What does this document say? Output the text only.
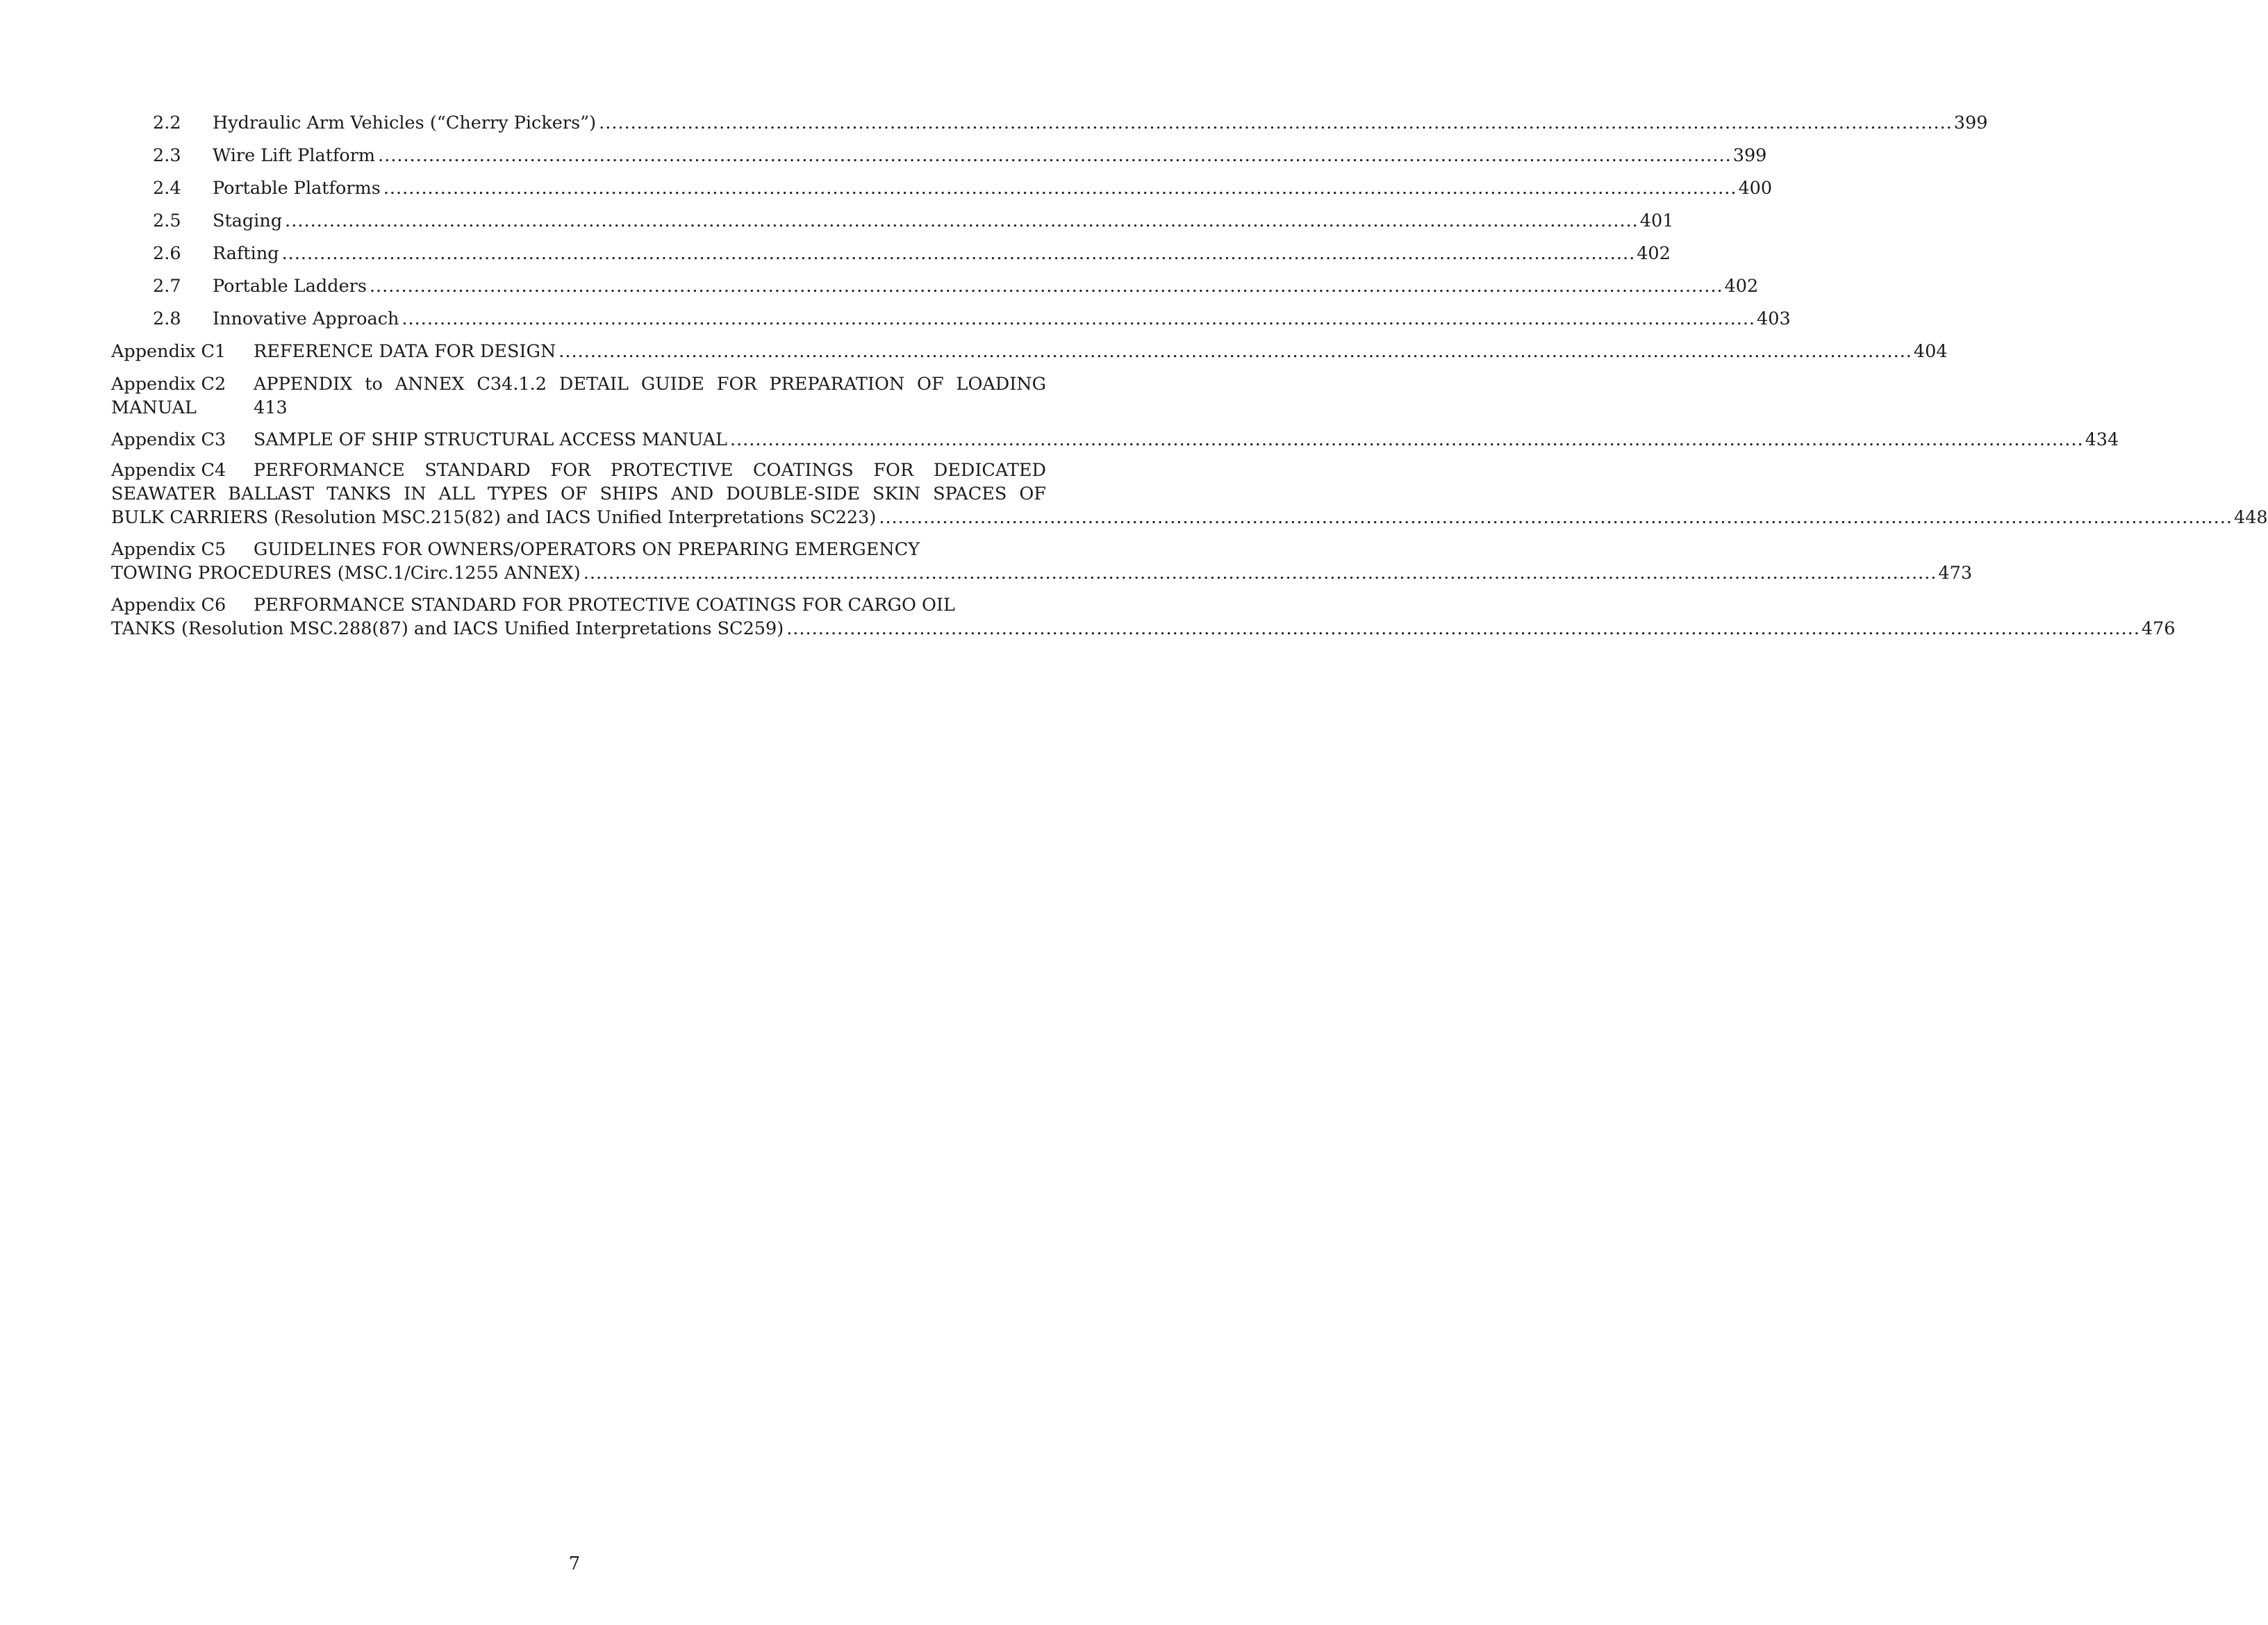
2.2	Hydraulic Arm Vehicles (“Cherry Pickers”) ...................................................................................................................................................................................................................... 399
2.3	Wire Lift Platform ...................................................................................................................................................................................................................... 399
2.4	Portable Platforms ...................................................................................................................................................................................................................... 400
2.5	Staging ...................................................................................................................................................................................................................... 401
2.6	Rafting ...................................................................................................................................................................................................................... 402
2.7	Portable Ladders ...................................................................................................................................................................................................................... 402
2.8	Innovative Approach ...................................................................................................................................................................................................................... 403
Appendix C1	REFERENCE DATA FOR DESIGN ...................................................................................................................................................................................................................... 404
Appendix C2	APPENDIX to ANNEX C34.1.2 DETAIL GUIDE FOR PREPARATION OF LOADING
MANUAL	413
Appendix C3	SAMPLE OF SHIP STRUCTURAL ACCESS MANUAL ...................................................................................................................................................................................................................... 434
Appendix C4	PERFORMANCE STANDARD FOR PROTECTIVE COATINGS FOR DEDICATED
SEAWATER BALLAST TANKS IN ALL TYPES OF SHIPS AND DOUBLE-SIDE SKIN SPACES OF
BULK CARRIERS (Resolution MSC.215(82) and IACS Unified Interpretations SC223) ...................................................................................................................................................................................................................... 448
Appendix C5	GUIDELINES FOR OWNERS/OPERATORS ON PREPARING EMERGENCY
TOWING PROCEDURES (MSC.1/Circ.1255 ANNEX) ...................................................................................................................................................................................................................... 473
Appendix C6	PERFORMANCE STANDARD FOR PROTECTIVE COATINGS FOR CARGO OIL
TANKS (Resolution MSC.288(87) and IACS Unified Interpretations SC259) ...................................................................................................................................................................................................................... 476
7
